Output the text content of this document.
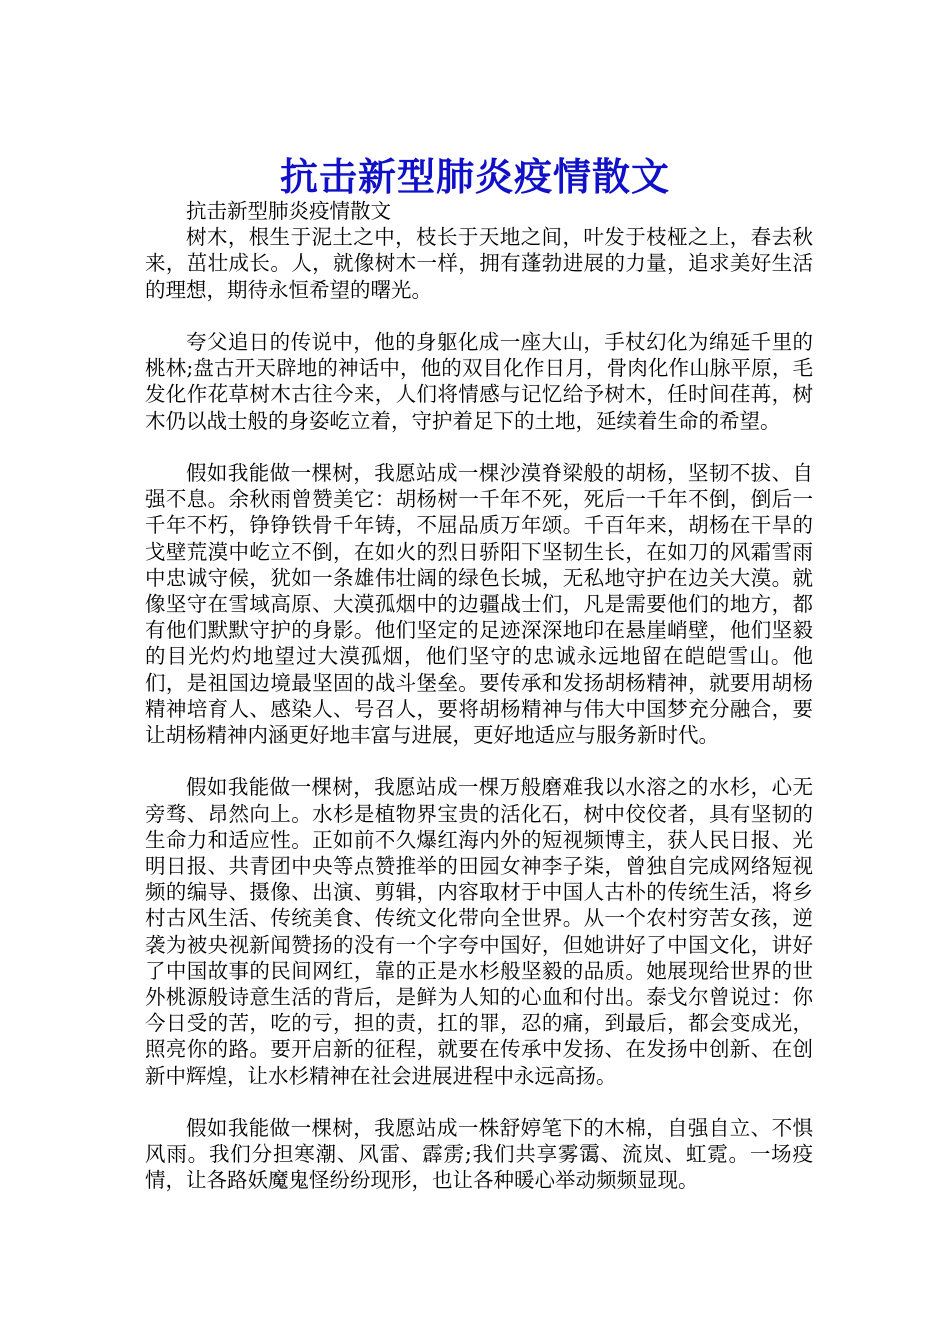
抗击新型肺炎疫情散文

抗击新型肺炎疫情散文

树木，根生于泥土之中，枝长于天地之间，叶发于枝桠之上，春去秋来，茁壮成长。人，就像树木一样，拥有蓬勃进展的力量，追求美好生活的理想，期待永恒希望的曙光。

夸父追日的传说中，他的身躯化成一座大山，手杖幻化为绵延千里的桃林;盘古开天辟地的神话中，他的双目化作日月，骨肉化作山脉平原，毛发化作花草树木古往今来，人们将情感与记忆给予树木，任时间荏苒，树木仍以战士般的身姿屹立着，守护着足下的土地，延续着生命的希望。

假如我能做一棵树，我愿站成一棵沙漠脊梁般的胡杨，坚韧不拔、自强不息。余秋雨曾赞美它：胡杨树一千年不死，死后一千年不倒，倒后一千年不朽，铮铮铁骨千年铸，不屈品质万年颂。千百年来，胡杨在干旱的戈壁荒漠中屹立不倒，在如火的烈日骄阳下坚韧生长，在如刀的风霜雪雨中忠诚守候，犹如一条雄伟壮阔的绿色长城，无私地守护在边关大漠。就像坚守在雪域高原、大漠孤烟中的边疆战士们，凡是需要他们的地方，都有他们默默守护的身影。他们坚定的足迹深深地印在悬崖峭壁，他们坚毅的目光灼灼地望过大漠孤烟，他们坚守的忠诚永远地留在皑皑雪山。他们，是祖国边境最坚固的战斗堡垒。要传承和发扬胡杨精神，就要用胡杨精神培育人、感染人、号召人，要将胡杨精神与伟大中国梦充分融合，要让胡杨精神内涵更好地丰富与进展，更好地适应与服务新时代。

假如我能做一棵树，我愿站成一棵万般磨难我以水溶之的水杉，心无旁骛、昂然向上。水杉是植物界宝贵的活化石，树中佼佼者，具有坚韧的生命力和适应性。正如前不久爆红海内外的短视频博主，获人民日报、光明日报、共青团中央等点赞推举的田园女神李子柒，曾独自完成网络短视频的编导、摄像、出演、剪辑，内容取材于中国人古朴的传统生活，将乡村古风生活、传统美食、传统文化带向全世界。从一个农村穷苦女孩，逆袭为被央视新闻赞扬的没有一个字夸中国好，但她讲好了中国文化，讲好了中国故事的民间网红，靠的正是水杉般坚毅的品质。她展现给世界的世外桃源般诗意生活的背后，是鲜为人知的心血和付出。泰戈尔曾说过：你今日受的苦，吃的亏，担的责，扛的罪，忍的痛，到最后，都会变成光，照亮你的路。要开启新的征程，就要在传承中发扬、在发扬中创新、在创新中辉煌，让水杉精神在社会进展进程中永远高扬。

假如我能做一棵树，我愿站成一株舒婷笔下的木棉，自强自立、不惧风雨。我们分担寒潮、风雷、霹雳;我们共享雾霭、流岚、虹霓。一场疫情，让各路妖魔鬼怪纷纷现形，也让各种暖心举动频频显现。
